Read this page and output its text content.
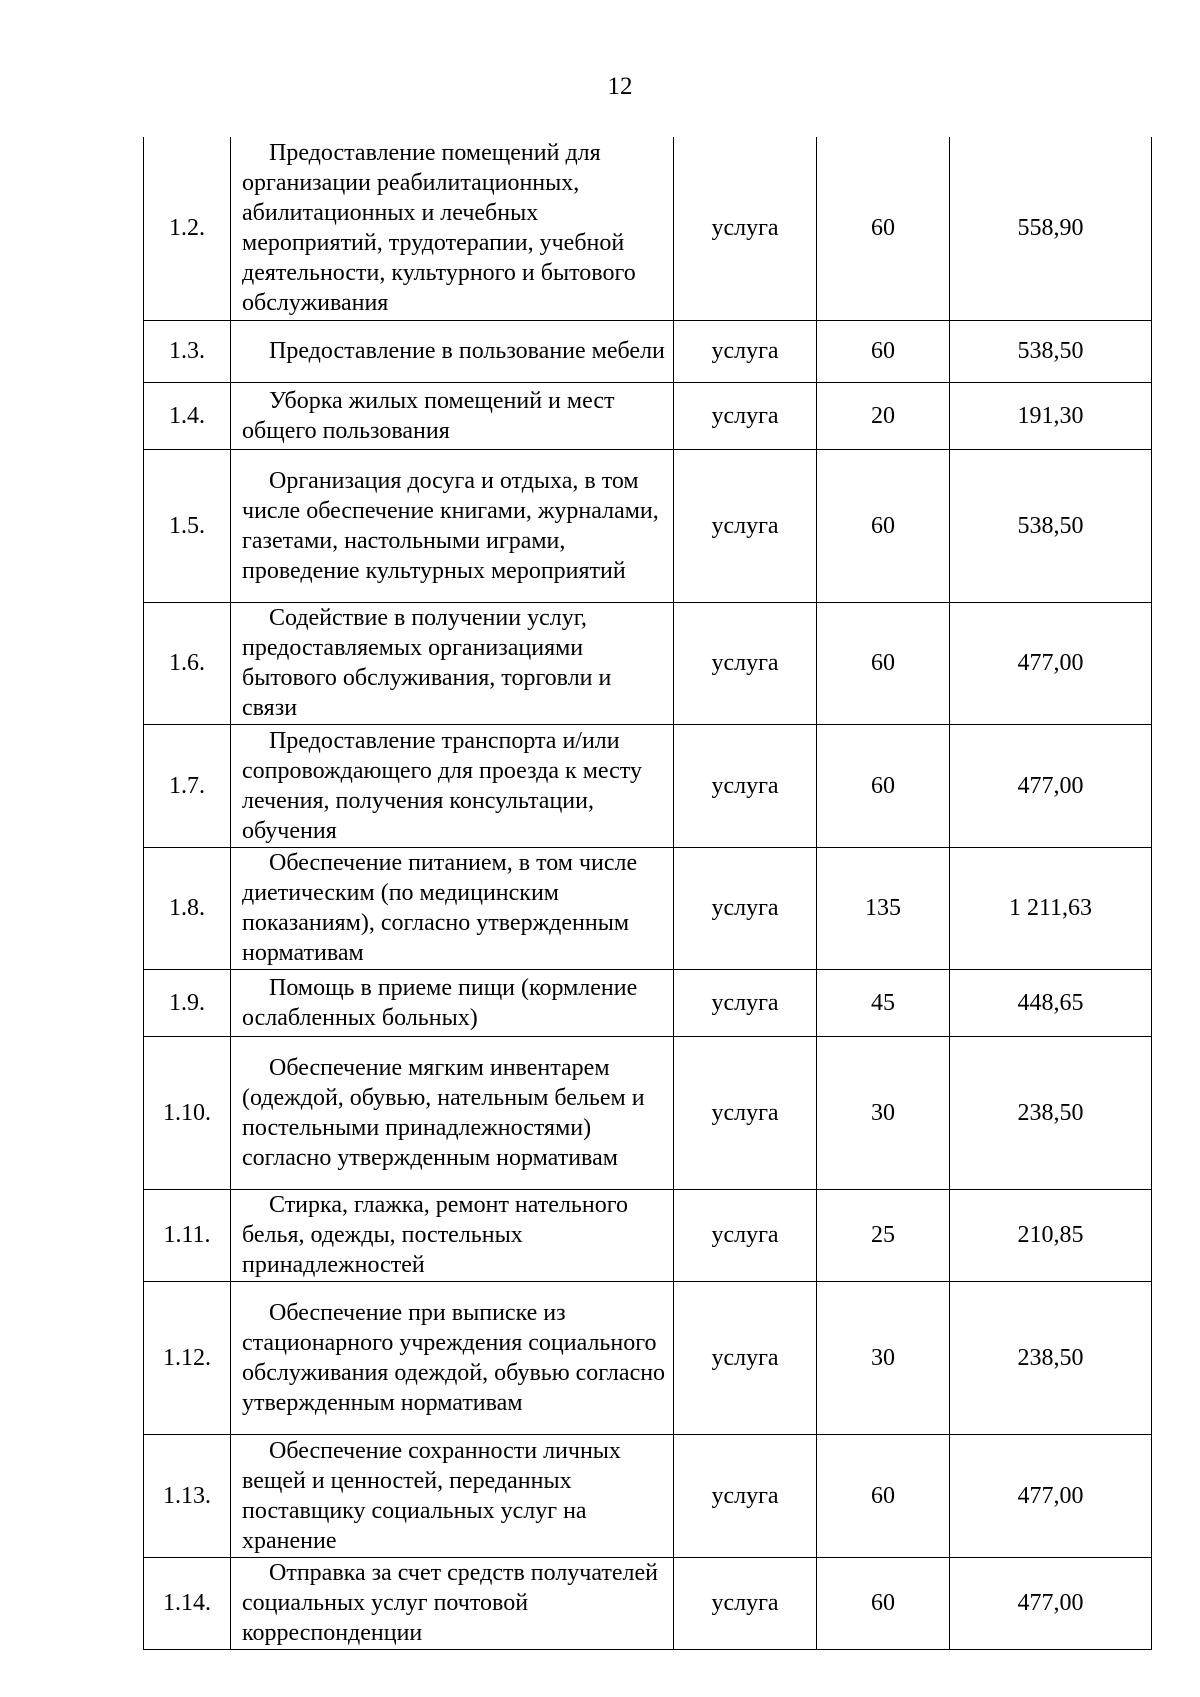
12
1.2.	Предоставление помещений для организации реабилитационных, абилитационных и лечебных мероприятий, трудотерапии, учебной деятельности, культурного и бытового обслуживания	услуга	60	558,90
1.3.	Предоставление в пользование мебели	услуга	60	538,50
1.4.	Уборка жилых помещений и мест общего пользования	услуга	20	191,30
1.5.	Организация досуга и отдыха, в том числе обеспечение книгами, журналами, газетами, настольными играми, проведение культурных мероприятий	услуга	60	538,50
1.6.	Содействие в получении услуг, предоставляемых организациями бытового обслуживания, торговли и связи	услуга	60	477,00
1.7.	Предоставление транспорта и/или сопровождающего для проезда к месту лечения, получения консультации, обучения	услуга	60	477,00
1.8.	Обеспечение питанием, в том числе диетическим (по медицинским показаниям), согласно утвержденным нормативам	услуга	135	1 211,63
1.9.	Помощь в приеме пищи (кормление ослабленных больных)	услуга	45	448,65
1.10.	Обеспечение мягким инвентарем (одеждой, обувью, нательным бельем и постельными принадлежностями) согласно утвержденным нормативам	услуга	30	238,50
1.11.	Стирка, глажка, ремонт нательного белья, одежды, постельных принадлежностей	услуга	25	210,85
1.12.	Обеспечение при выписке из стационарного учреждения социального обслуживания одеждой, обувью согласно утвержденным нормативам	услуга	30	238,50
1.13.	Обеспечение сохранности личных вещей и ценностей, переданных поставщику социальных услуг на хранение	услуга	60	477,00
1.14.	Отправка за счет средств получателей социальных услуг почтовой корреспонденции	услуга	60	477,00
